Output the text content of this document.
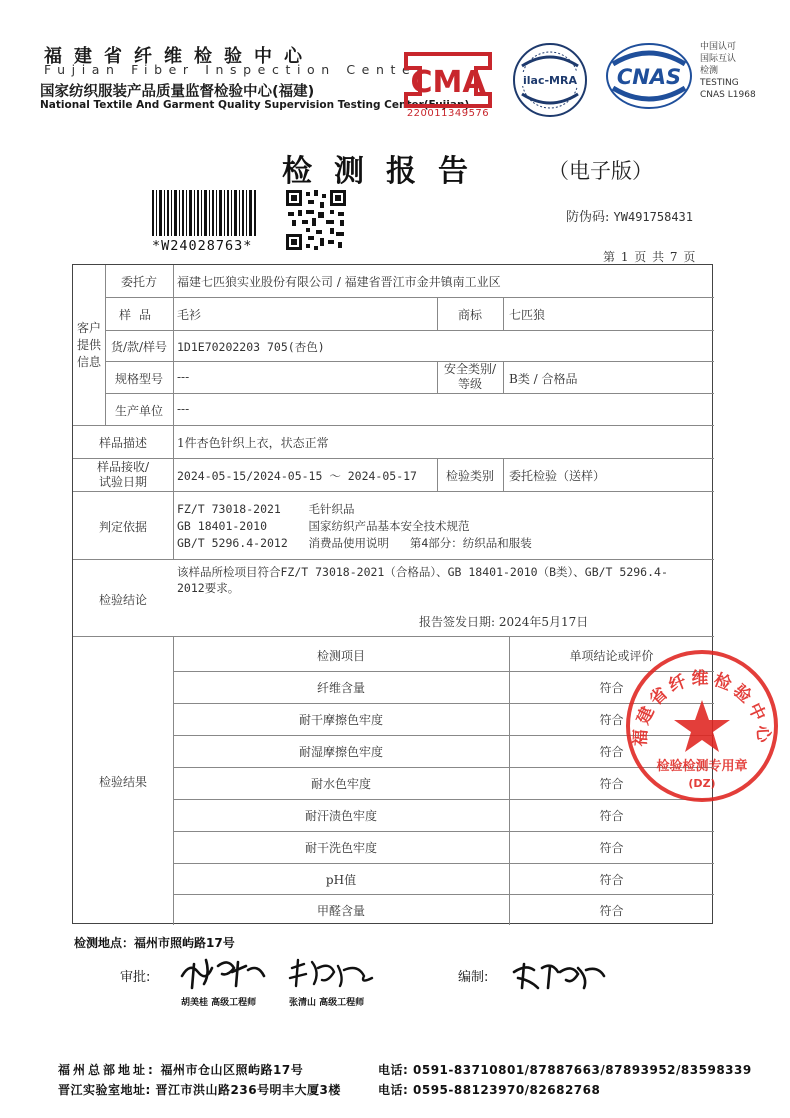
福建省纤维检验中心
Fujian Fiber Inspection Center
国家纺织服装产品质量监督检验中心(福建)
National Textile And Garment Quality Supervision Testing Center(Fujian)
CMA
220011349576
ilac-MRA CNAS
中国认可
国际互认
检测
TESTING
CNAS L1968
检测报告	（电子版）
*W24028763*
防伪码: YW491758431
第 1 页 共 7 页
客户提供信息
委托方	福建七匹狼实业股份有限公司 / 福建省晋江市金井镇南工业区
样品	毛衫	商标	七匹狼
货/款/样号 1D1E70202203 705(杏色)
规格型号	---
安全类别/等级	B类 / 合格品
生产单位	---
样品描述	1件杏色针织上衣，状态正常
样品接收/
试验日期	2024-05-15/2024-05-15 ～ 2024-05-17	检验类别	委托检验（送样）
判定依据
FZ/T 73018-2021    毛针织品
GB 18401-2010      国家纺织产品基本安全技术规范
GB/T 5296.4-2012   消费品使用说明   第4部分：纺织品和服装
检验结论
该样品所检项目符合FZ/T 73018-2021（合格品）、GB 18401-2010（B类）、GB/T 5296.4-
2012要求。
报告签发日期: 2024年5月17日
检验结果
检测项目	单项结论或评价
纤维含量	符合
耐干摩擦色牢度	符合
耐湿摩擦色牢度	符合
耐水色牢度	符合
耐汗渍色牢度	符合
耐干洗色牢度	符合
pH值	符合
甲醛含量	符合
福建省纤维检验中心
检验检测专用章
(DZ)
检测地点：福州市照屿路17号
审批:
胡美桂 高级工程师	张清山 高级工程师
编制:
福州总部地址: 福州市仓山区照屿路17号	电话: 0591-83710801/87887663/87893952/83598339
晋江实验室地址: 晋江市洪山路236号明丰大厦3楼	电话: 0595-88123970/82682768
